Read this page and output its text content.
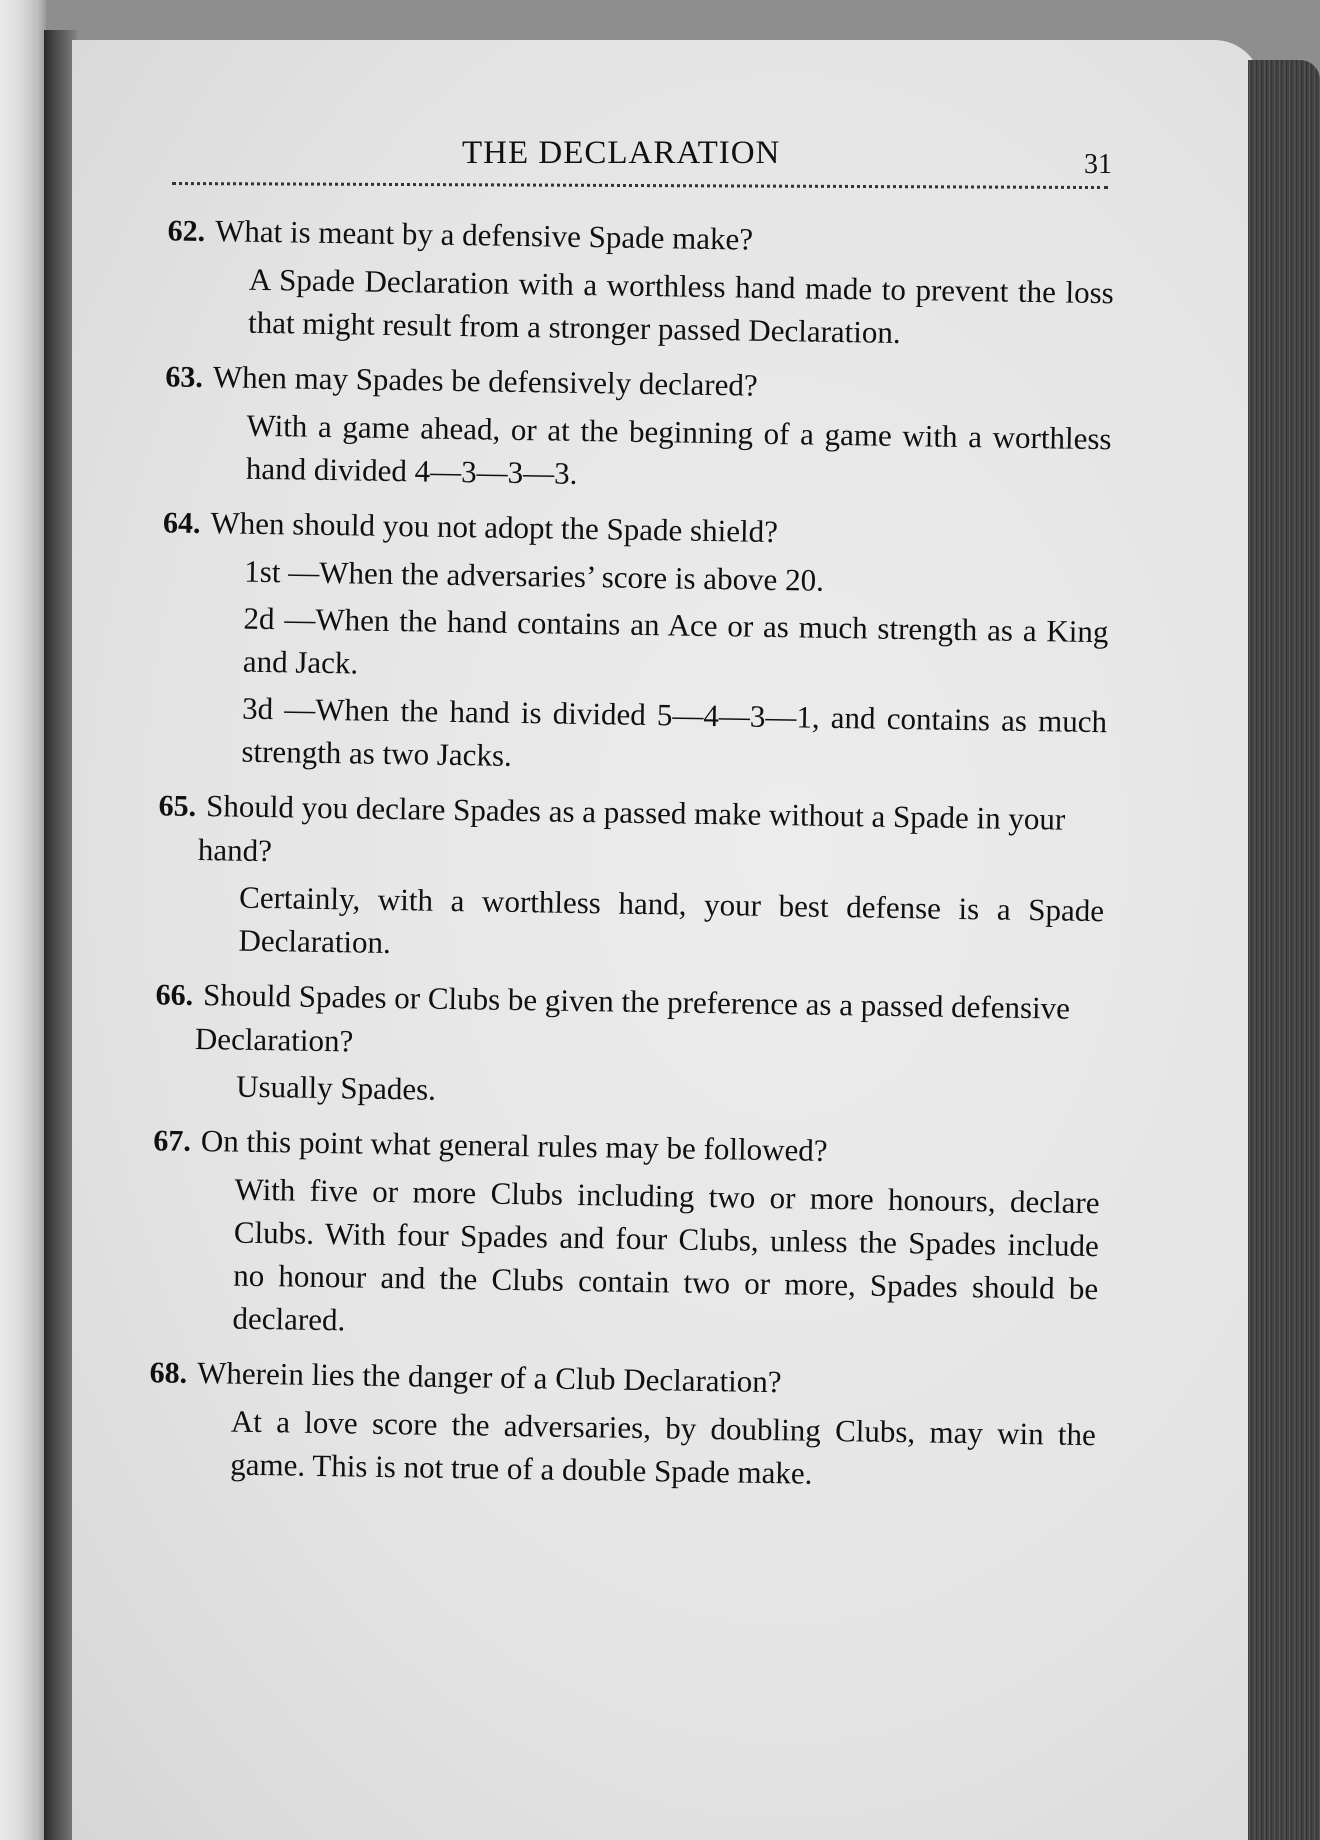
THE DECLARATION	31
62. What is meant by a defensive Spade make?

A Spade Declaration with a worthless hand made to prevent the loss that might result from a stronger passed Declaration.

63. When may Spades be defensively declared?

With a game ahead, or at the beginning of a game with a worthless hand divided 4—3—3—3.

64. When should you not adopt the Spade shield?

1st —When the adversaries’ score is above 20.

2d —When the hand contains an Ace or as much strength as a King and Jack.

3d —When the hand is divided 5—4—3—1, and contains as much strength as two Jacks.

65. Should you declare Spades as a passed make without a Spade in your hand?

Certainly, with a worthless hand, your best defense is a Spade Declaration.

66. Should Spades or Clubs be given the preference as a passed defensive Declaration?

Usually Spades.

67. On this point what general rules may be followed?

With five or more Clubs including two or more honours, declare Clubs. With four Spades and four Clubs, unless the Spades include no honour and the Clubs contain two or more, Spades should be declared.

68. Wherein lies the danger of a Club Declaration?

At a love score the adversaries, by doubling Clubs, may win the game. This is not true of a double Spade make.
